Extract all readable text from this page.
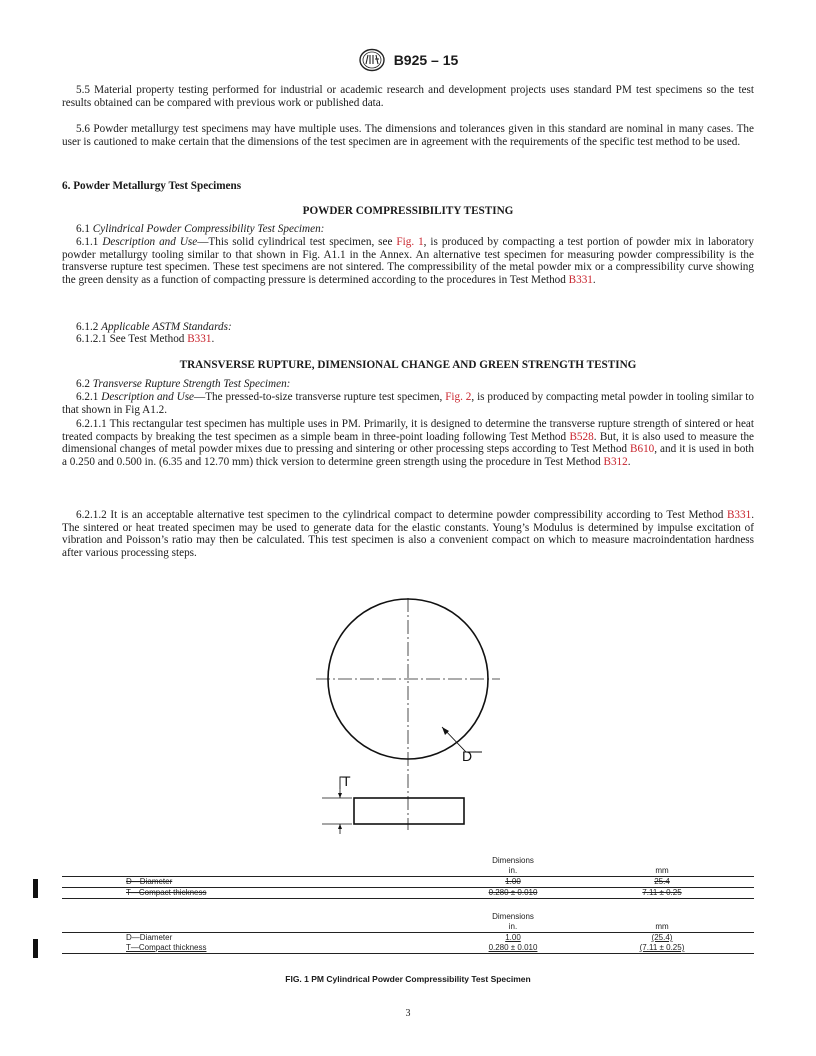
B925 – 15
5.5 Material property testing performed for industrial or academic research and development projects uses standard PM test specimens so the test results obtained can be compared with previous work or published data.
5.6 Powder metallurgy test specimens may have multiple uses. The dimensions and tolerances given in this standard are nominal in many cases. The user is cautioned to make certain that the dimensions of the test specimen are in agreement with the requirements of the specific test method to be used.
6. Powder Metallurgy Test Specimens
POWDER COMPRESSIBILITY TESTING
6.1 Cylindrical Powder Compressibility Test Specimen:
6.1.1 Description and Use—This solid cylindrical test specimen, see Fig. 1, is produced by compacting a test portion of powder mix in laboratory powder metallurgy tooling similar to that shown in Fig. A1.1 in the Annex. An alternative test specimen for measuring powder compressibility is the transverse rupture test specimen. These test specimens are not sintered. The compressibility of the metal powder mix or a compressibility curve showing the green density as a function of compacting pressure is determined according to the procedures in Test Method B331.
6.1.2 Applicable ASTM Standards:
6.1.2.1 See Test Method B331.
TRANSVERSE RUPTURE, DIMENSIONAL CHANGE AND GREEN STRENGTH TESTING
6.2 Transverse Rupture Strength Test Specimen:
6.2.1 Description and Use—The pressed-to-size transverse rupture test specimen, Fig. 2, is produced by compacting metal powder in tooling similar to that shown in Fig A1.2.
6.2.1.1 This rectangular test specimen has multiple uses in PM. Primarily, it is designed to determine the transverse rupture strength of sintered or heat treated compacts by breaking the test specimen as a simple beam in three-point loading following Test Method B528. But, it is also used to measure the dimensional changes of metal powder mixes due to pressing and sintering or other processing steps according to Test Method B610, and it is used in both a 0.250 and 0.500 in. (6.35 and 12.70 mm) thick version to determine green strength using the procedure in Test Method B312.
6.2.1.2 It is an acceptable alternative test specimen to the cylindrical compact to determine powder compressibility according to Test Method B331. The sintered or heat treated specimen may be used to generate data for the elastic constants. Young’s Modulus is determined by impulse excitation of vibration and Poisson’s ratio may then be calculated. This test specimen is also a convenient compact on which to measure macroindentation hardness after various processing steps.
D
T
	Dimensions	
	in.	mm
D—Diameter	1.00	25.4
T—Compact thickness	0.280 ± 0.010	7.11 ± 0.25
	Dimensions	
	in.	mm
D—Diameter	1.00	(25.4)
T—Compact thickness	0.280 ± 0.010	(7.11 ± 0.25)
FIG. 1 PM Cylindrical Powder Compressibility Test Specimen
3
